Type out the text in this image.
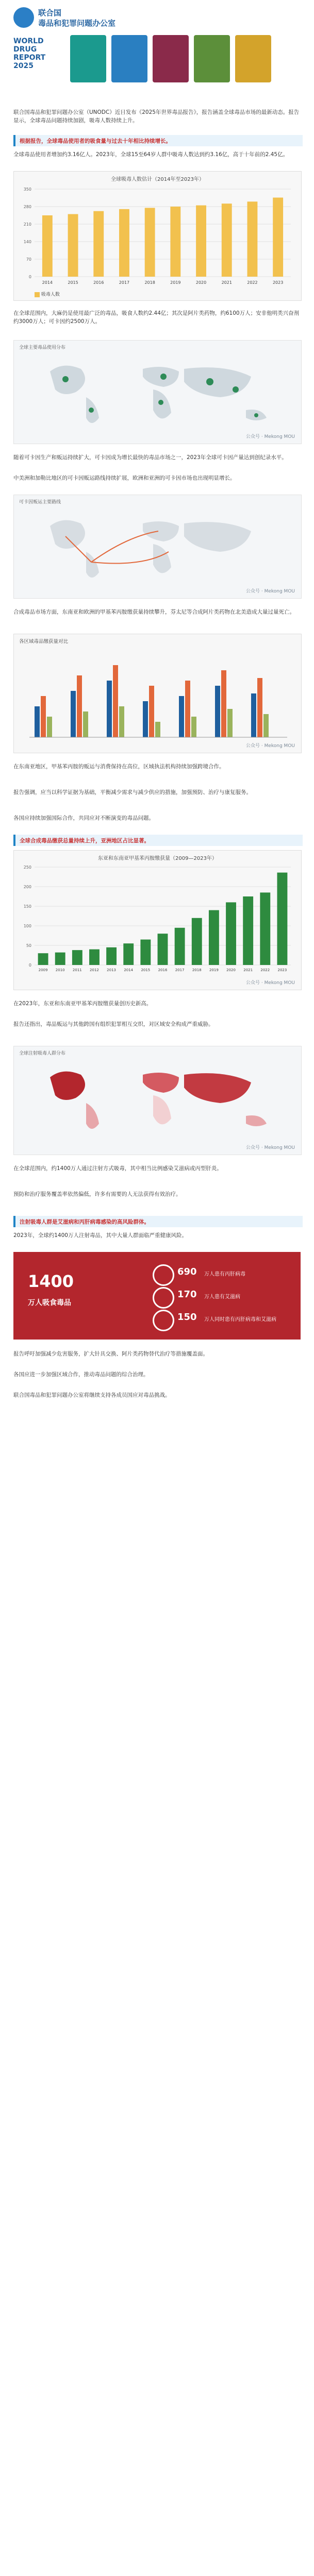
联合国
毒品和犯罪问题办公室
WORLD
DRUG
REPORT
2025
联合国毒品和犯罪问题办公室（UNODC）近日发布《2025年世界毒品报告》，报告涵盖全球毒品市场的最新动态。报告显示，全球毒品问题持续加剧，吸毒人数持续上升。
根据报告，全球毒品使用者的吸食量与过去十年相比持续增长。
全球毒品使用者增加约3.16亿人。2023年，全球15至64岁人群中吸毒人数达到约3.16亿，高于十年前的2.45亿。
全球吸毒人数估计（2014年至2023年）
0
70
140
210
280
350
2014	2015	2016	2017	2018	2019	2020	2021	2022	2023
吸毒人数
在全球范围内，大麻仍是使用最广泛的毒品，吸食人数约2.44亿；其次是阿片类药物，约6100万人；安非他明类兴奋剂约3000万人；可卡因约2500万人。
全球主要毒品使用分布
公众号 · Mekong MOU
随着可卡因生产和贩运持续扩大，可卡因成为增长最快的毒品市场之一，2023年全球可卡因产量达到创纪录水平。
中美洲和加勒比地区的可卡因贩运路线持续扩展，欧洲和亚洲的可卡因市场也出现明显增长。
可卡因贩运主要路线
公众号 · Mekong MOU
合成毒品市场方面，东南亚和欧洲的甲基苯丙胺缴获量持续攀升，芬太尼等合成阿片类药物在北美造成大量过量死亡。
各区域毒品缴获量对比
公众号 · Mekong MOU
在东南亚地区，甲基苯丙胺的贩运与消费保持在高位，区域执法机构持续加强跨境合作。
报告强调，应当以科学证据为基础，平衡减少需求与减少供应的措施，加强预防、治疗与康复服务。
各国应持续加强国际合作，共同应对不断演变的毒品问题。
全球合成毒品缴获总量持续上升，亚洲地区占比显著。
东亚和东南亚甲基苯丙胺缴获量（2009—2023年）
0
50
100
150
200
250
2009 2010 2011 2012 2013 2014 2015 2016 2017 2018 2019 2020 2021 2022 2023
公众号 · Mekong MOU
在2023年，东亚和东南亚甲基苯丙胺缴获量创历史新高。
报告还指出，毒品贩运与其他跨国有组织犯罪相互交织，对区域安全构成严重威胁。
全球注射吸毒人群分布
公众号 · Mekong MOU
在全球范围内，约1400万人通过注射方式吸毒，其中相当比例感染艾滋病或丙型肝炎。
预防和治疗服务覆盖率依然偏低，许多有需要的人无法获得有效治疗。
注射吸毒人群是艾滋病和丙肝病毒感染的高风险群体。
2023年，全球约1400万人注射毒品，其中大量人群面临严重健康风险。
1400
万人吸食毒品
690 万人患有丙肝病毒
170 万人患有艾滋病
150 万人同时患有丙肝病毒和艾滋病
报告呼吁加强减少危害服务，扩大针具交换、阿片类药物替代治疗等措施覆盖面。
各国应进一步加强区域合作，推动毒品问题的综合治理。
联合国毒品和犯罪问题办公室将继续支持各成员国应对毒品挑战。
